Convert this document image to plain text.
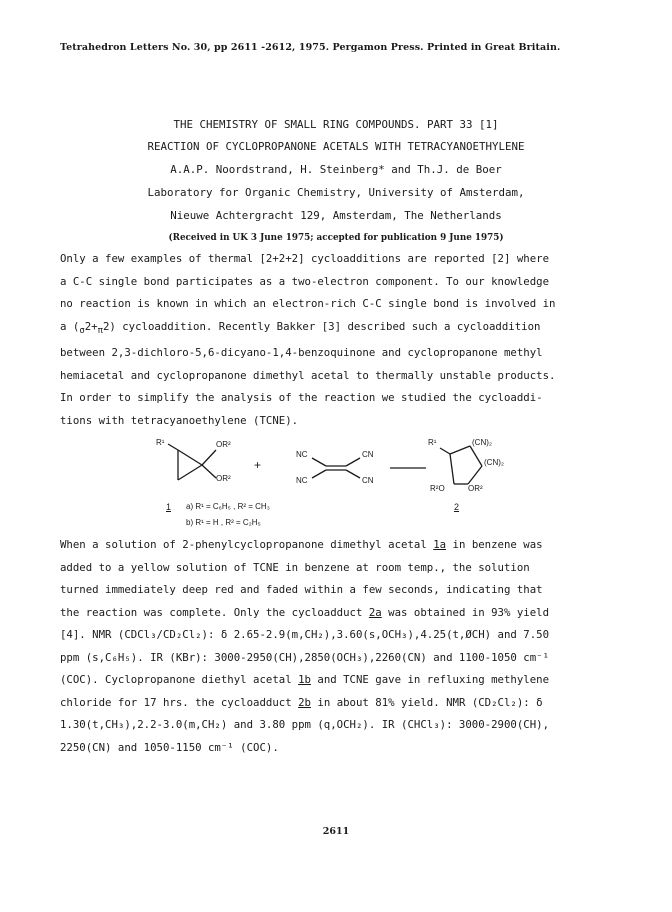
Tetrahedron Letters No. 30, pp 2611 -2612, 1975. Pergamon Press. Printed in Great Britain.
THE CHEMISTRY OF SMALL RING COMPOUNDS. PART 33 [1]
REACTION OF CYCLOPROPANONE ACETALS WITH TETRACYANOETHYLENE
A.A.P. Noordstrand, H. Steinberg* and Th.J. de Boer
Laboratory for Organic Chemistry, University of Amsterdam,
Nieuwe Achtergracht 129, Amsterdam, The Netherlands
(Received in UK 3 June 1975; accepted for publication 9 June 1975)
Only a few examples of thermal [2+2+2] cycloadditions are reported [2] where
a C-C single bond participates as a two-electron component. To our knowledge
no reaction is known in which an electron-rich C-C single bond is involved in
a $(_\sigma 2+_\pi 2)$ cycloaddition. Recently Bakker [3] described such a cycloaddition
between 2,3-dichloro-5,6-dicyano-1,4-benzoquinone and cyclopropanone methyl
hemiacetal and cyclopropanone dimethyl acetal to thermally unstable products.
In order to simplify the analysis of the reaction we studied the cycloaddi-
tions with tetracyanoethylene (TCNE).
R¹	OR²
OR²
+
NC	CN
NC	CN
R¹	(CN)₂
(CN)₂
R²O	OR²
1 a) R¹ = C₆H₅ , R² = CH₃
b) R¹ = H , R² = C₂H₅
2
When a solution of 2-phenylcyclopropanone dimethyl acetal 1a in benzene was
added to a yellow solution of TCNE in benzene at room temp., the solution
turned immediately deep red and faded within a few seconds, indicating that
the reaction was complete. Only the cycloadduct 2a was obtained in 93% yield
[4]. NMR (CDCl₃/CD₂Cl₂): δ 2.65-2.9(m,CH₂),3.60(s,OCH₃),4.25(t,ØCH) and 7.50
ppm (s,C₆H₅). IR (KBr): 3000-2950(CH),2850(OCH₃),2260(CN) and 1100-1050 cm⁻¹
(COC). Cyclopropanone diethyl acetal 1b and TCNE gave in refluxing methylene
chloride for 17 hrs. the cycloadduct 2b in about 81% yield. NMR (CD₂Cl₂): δ
1.30(t,CH₃),2.2-3.0(m,CH₂) and 3.80 ppm (q,OCH₂). IR (CHCl₃): 3000-2900(CH),
2250(CN) and 1050-1150 cm⁻¹ (COC).
2611
